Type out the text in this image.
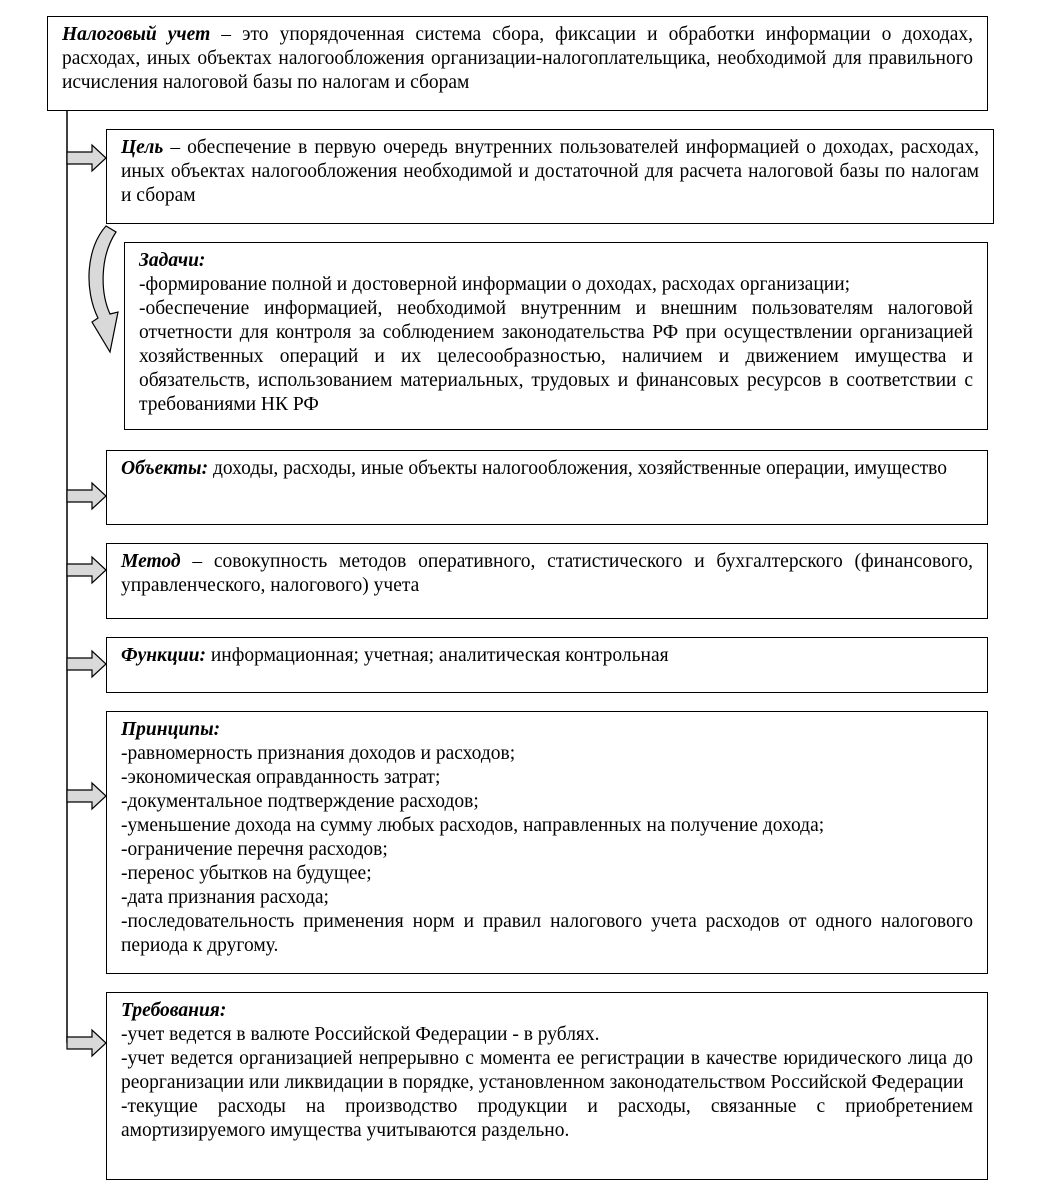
Налоговый учет – это упорядоченная система сбора, фиксации и обработки информации о доходах, расходах, иных объектах налогообложения организации-налогоплательщика, необходимой для правильного исчисления налоговой базы по налогам и сборам

Цель – обеспечение в первую очередь внутренних пользователей информацией о доходах, расходах, иных объектах налогообложения необходимой и достаточной для расчета налоговой базы по налогам и сборам

Задачи:

-формирование полной и достоверной информации о доходах, расходах организации;

-обеспечение информацией, необходимой внутренним и внешним пользователям налоговой отчетности для контроля за соблюдением законодательства РФ при осуществлении организацией хозяйственных операций и их целесообразностью, наличием и движением имущества и обязательств, использованием материальных, трудовых и финансовых ресурсов в соответствии с требованиями НК РФ

Объекты: доходы, расходы, иные объекты налогообложения, хозяйственные операции, имущество

Метод – совокупность методов оперативного, статистического и бухгалтерского (финансового, управленческого, налогового) учета

Функции: информационная; учетная; аналитическая контрольная

Принципы:

-равномерность признания доходов и расходов;

-экономическая оправданность затрат;

-документальное подтверждение расходов;

-уменьшение дохода на сумму любых расходов, направленных на получение дохода;

-ограничение перечня расходов;

-перенос убытков на будущее;

-дата признания расхода;

-последовательность применения норм и правил налогового учета расходов от одного налогового периода к другому.

Требования:

-учет ведется в валюте Российской Федерации - в рублях.

-учет ведется организацией непрерывно с момента ее регистрации в качестве юридического лица до реорганизации или ликвидации в порядке, установленном законодательством Российской Федерации

-текущие расходы на производство продукции и расходы, связанные с приобретением амортизируемого имущества учитываются раздельно.
